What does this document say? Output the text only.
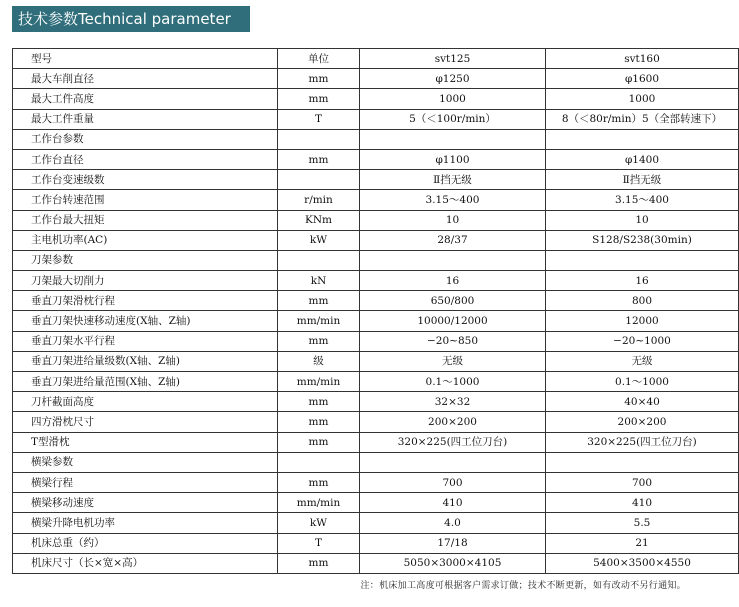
技术参数Technical parameter
型号	单位	svt125	svt160
最大车削直径	mm	φ1250	φ1600
最大工件高度	mm	1000	1000
最大工件重量	T	5（＜100r/min）	8（＜80r/min）5（全部转速下）
工作台参数			
工作台直径	mm	φ1100	φ1400
工作台变速级数		Ⅱ挡无级	Ⅱ挡无级
工作台转速范围	r/min	3.15～400	3.15～400
工作台最大扭矩	KNm	10	10
主电机功率(AC)	kW	28/37	S128/S238(30min)
刀架参数			
刀架最大切削力	kN	16	16
垂直刀架滑枕行程	mm	650/800	800
垂直刀架快速移动速度(X轴、Z轴)	mm/min	10000/12000	12000
垂直刀架水平行程	mm	−20∼850	−20∼1000
垂直刀架进给量级数(X轴、Z轴)	级	无级	无级
垂直刀架进给量范围(X轴、Z轴)	mm/min	0.1～1000	0.1～1000
刀杆截面高度	mm	32×32	40×40
四方滑枕尺寸	mm	200×200	200×200
T型滑枕	mm	320×225(四工位刀台)	320×225(四工位刀台)
横梁参数			
横梁行程	mm	700	700
横梁移动速度	mm/min	410	410
横梁升降电机功率	kW	4.0	5.5
机床总重（约）	T	17/18	21
机床尺寸（长×宽×高）	mm	5050×3000×4105	5400×3500×4550
注：机床加工高度可根据客户需求订做；技术不断更新，如有改动不另行通知。
